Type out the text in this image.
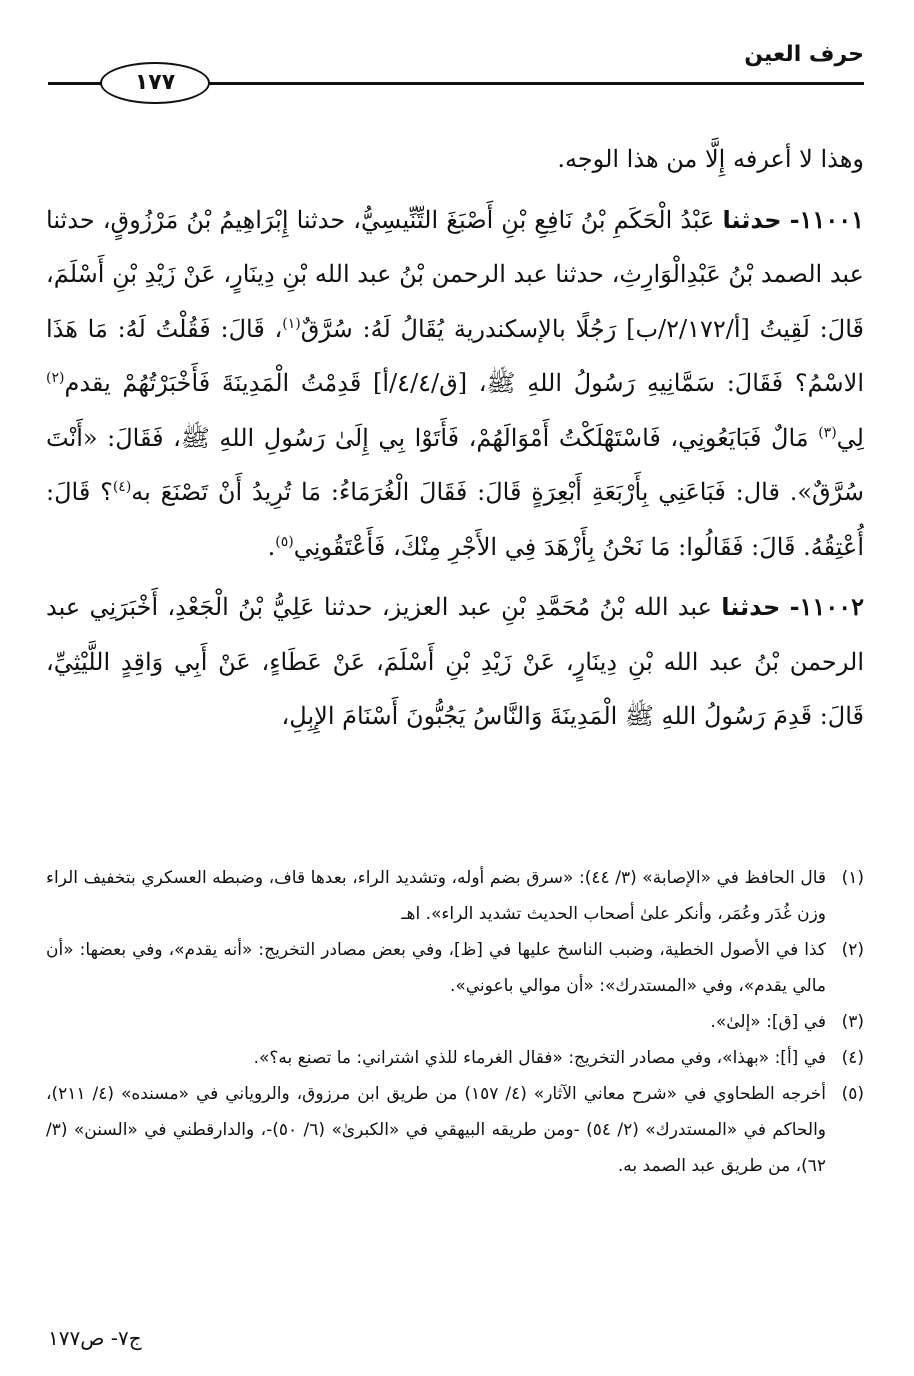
حرف العين
١٧٧

وهذا لا أعرفه إِلَّا من هذا الوجه.

١١٠٠١- حدثنا عَبْدُ الْحَكَمِ بْنُ نَافِعِ بْنِ أَصْبَغَ التِّنِّيسِيُّ، حدثنا إِبْرَاهِيمُ بْنُ مَرْزُوقٍ، حدثنا عبد الصمد بْنُ عَبْدِالْوَارِثِ، حدثنا عبد الرحمن بْنُ عبد الله بْنِ دِينَارٍ، عَنْ زَيْدِ بْنِ أَسْلَمَ، قَالَ: لَقِيتُ [أ/٢/١٧٢/ب] رَجُلًا بالإسكندرية يُقَالُ لَهُ: سُرَّقٌ$^{(١)}$، قَالَ: فَقُلْتُ لَهُ: مَا هَذَا الاسْمُ؟ فَقَالَ: سَمَّانِيهِ رَسُولُ اللهِ ﷺ، [ق/٤/٤/أ] قَدِمْتُ الْمَدِينَةَ فَأَخْبَرْتُهُمْ يقدم$^{(٢)}$ لِي$^{(٣)}$ مَالٌ فَبَايَعُونِي، فَاسْتَهْلَكْتُ أَمْوَالَهُمْ، فَأَتَوْا بِي إِلَىٰ رَسُولِ اللهِ ﷺ، فَقَالَ: «أَنْتَ سُرَّقٌ». قال: فَبَاعَنِي بِأَرْبَعَةِ أَبْعِرَةٍ قَالَ: فَقَالَ الْغُرَمَاءُ: مَا تُرِيدُ أَنْ تَصْنَعَ به$^{(٤)}$؟ قَالَ: أُعْتِقُهُ. قَالَ: فَقَالُوا: مَا نَحْنُ بِأَزْهَدَ فِي الأَجْرِ مِنْكَ، فَأَعْتَقُونِي$^{(٥)}$.

١١٠٠٢- حدثنا عبد الله بْنُ مُحَمَّدِ بْنِ عبد العزيز، حدثنا عَلِيُّ بْنُ الْجَعْدِ، أَخْبَرَنِي عبد الرحمن بْنُ عبد الله بْنِ دِينَارٍ، عَنْ زَيْدِ بْنِ أَسْلَمَ، عَنْ عَطَاءٍ، عَنْ أَبِي وَاقِدٍ اللَّيْثِيِّ، قَالَ: قَدِمَ رَسُولُ اللهِ ﷺ الْمَدِينَةَ وَالنَّاسُ يَجُبُّونَ أَسْنَامَ الإِبِلِ،

(١)
قال الحافظ في «الإصابة» (٣/ ٤٤): «سرق بضم أوله، وتشديد الراء، بعدها قاف، وضبطه العسكري بتخفيف الراء وزن غُدَر وعُمَر، وأنكر علىٰ أصحاب الحديث تشديد الراء». اهـ
(٢)
كذا في الأصول الخطية، وضبب الناسخ عليها في [ظ]، وفي بعض مصادر التخريج: «أنه يقدم»، وفي بعضها: «أن مالي يقدم»، وفي «المستدرك»: «أن موالي باعوني».
(٣)
في [ق]: «إلىٰ».
(٤)
في [أ]: «بهذا»، وفي مصادر التخريج: «فقال الغرماء للذي اشتراني: ما تصنع به؟».
(٥)
أخرجه الطحاوي في «شرح معاني الآثار» (٤/ ١٥٧) من طريق ابن مرزوق، والروياني في «مسنده» (٤/ ٢١١)، والحاكم في «المستدرك» (٢/ ٥٤) -ومن طريقه البيهقي في «الكبرىٰ» (٦/ ٥٠)-، والدارقطني في «السنن» (٣/ ٦٢)، من طريق عبد الصمد به.
ج٧- ص١٧٧
